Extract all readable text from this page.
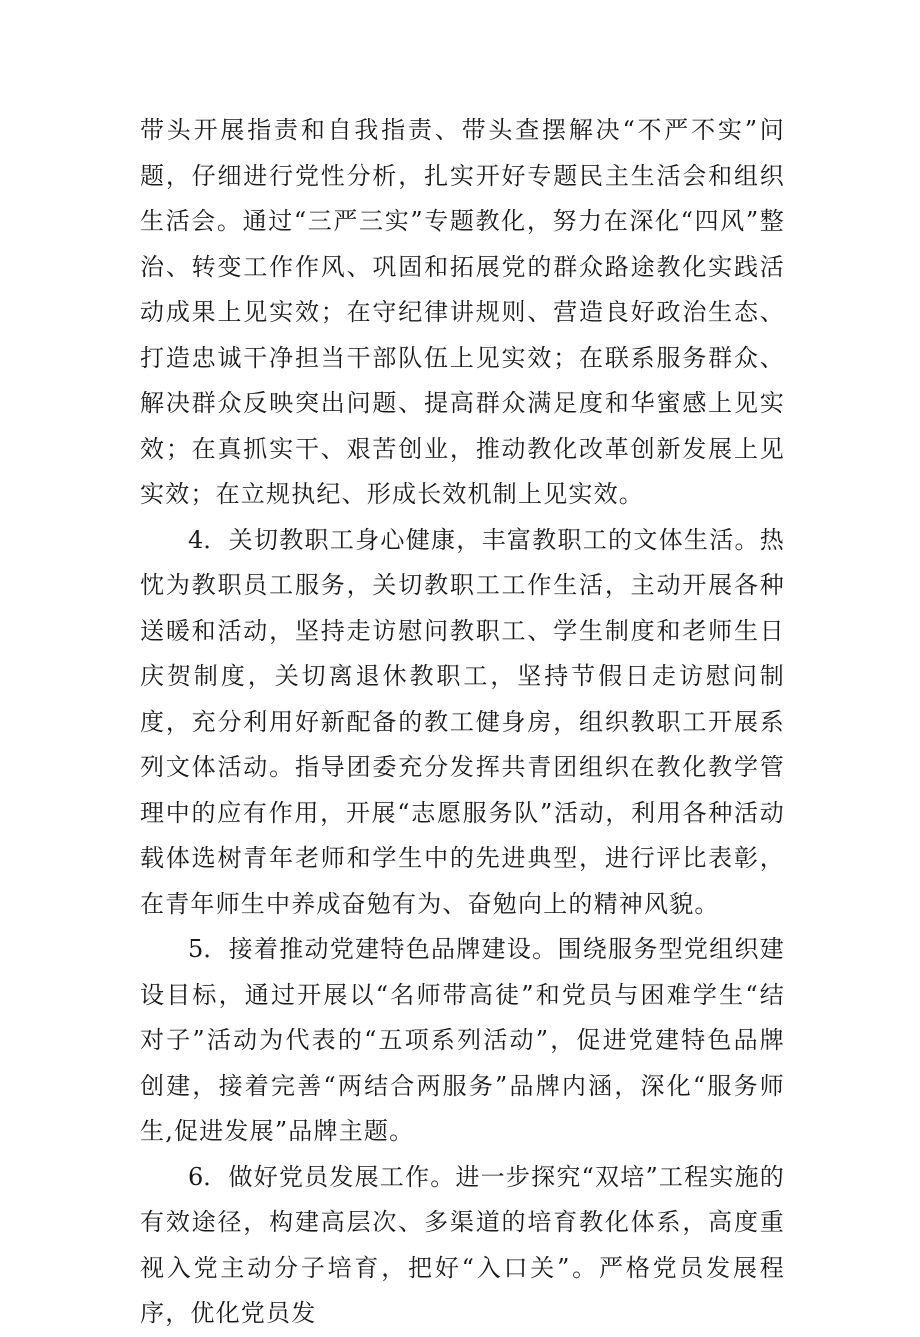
带头开展指责和自我指责、带头查摆解决“不严不实”问题，仔细进行党性分析，扎实开好专题民主生活会和组织生活会。通过“三严三实”专题教化，努力在深化“四风”整治、转变工作作风、巩固和拓展党的群众路途教化实践活动成果上见实效；在守纪律讲规则、营造良好政治生态、打造忠诚干净担当干部队伍上见实效；在联系服务群众、解决群众反映突出问题、提高群众满足度和华蜜感上见实效；在真抓实干、艰苦创业，推动教化改革创新发展上见实效；在立规执纪、形成长效机制上见实效。

4．关切教职工身心健康，丰富教职工的文体生活。热忱为教职员工服务，关切教职工工作生活，主动开展各种送暖和活动，坚持走访慰问教职工、学生制度和老师生日庆贺制度，关切离退休教职工，坚持节假日走访慰问制度，充分利用好新配备的教工健身房，组织教职工开展系列文体活动。指导团委充分发挥共青团组织在教化教学管理中的应有作用，开展“志愿服务队”活动，利用各种活动载体选树青年老师和学生中的先进典型，进行评比表彰，在青年师生中养成奋勉有为、奋勉向上的精神风貌。

5．接着推动党建特色品牌建设。围绕服务型党组织建设目标，通过开展以“名师带高徒”和党员与困难学生“结对子”活动为代表的“五项系列活动”，促进党建特色品牌创建，接着完善“两结合两服务”品牌内涵，深化“服务师生,促进发展”品牌主题。

6．做好党员发展工作。进一步探究“双培”工程实施的有效途径，构建高层次、多渠道的培育教化体系，高度重视入党主动分子培育，把好“入口关”。严格党员发展程序，优化党员发
